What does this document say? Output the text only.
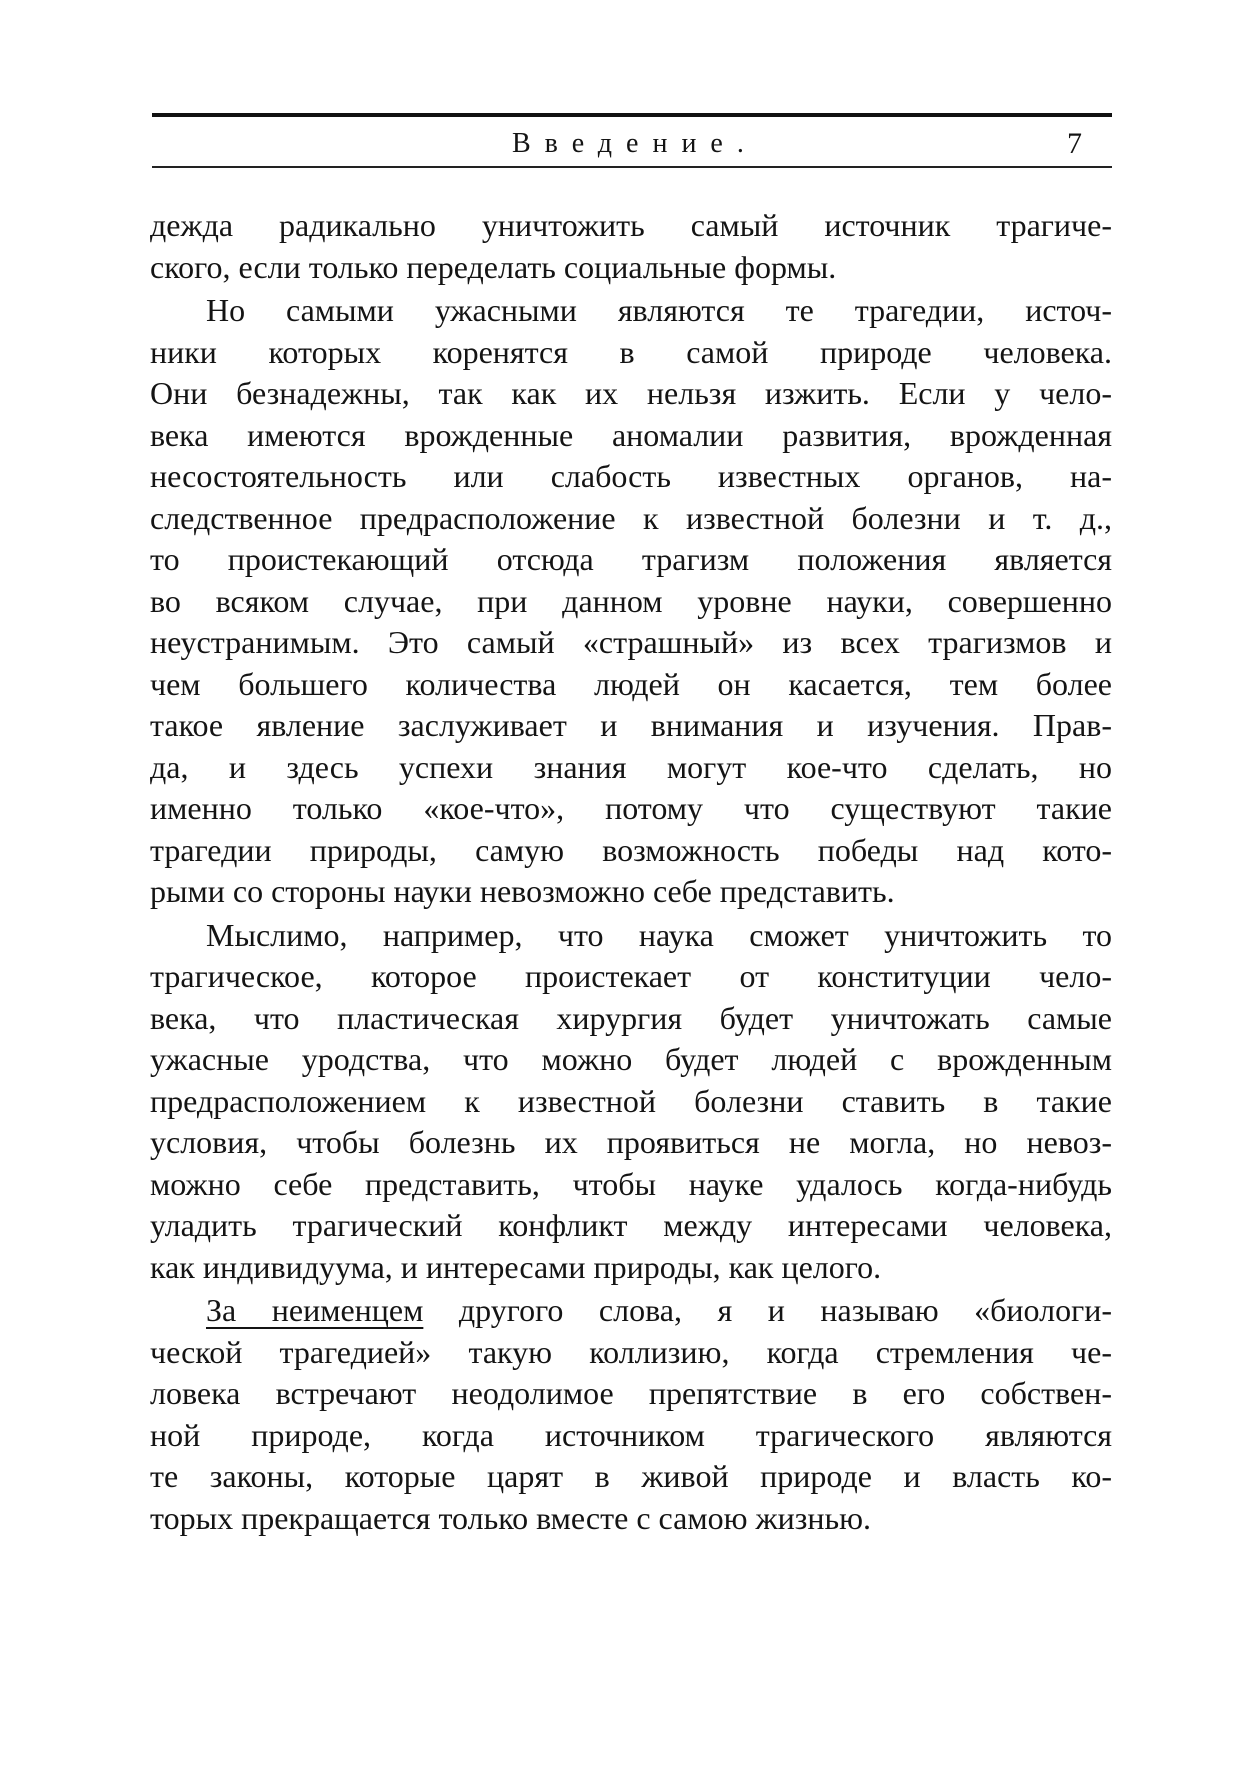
Введение.	7
дежда радикально уничтожить самый источник трагиче-
ского, если только переделать социальные формы.
Но самыми ужасными являются те трагедии, источ-
ники которых коренятся в самой природе человека.
Они безнадежны, так как их нельзя изжить. Если у чело-
века имеются врожденные аномалии развития, врожденная
несостоятельность или слабость известных органов, на-
следственное предрасположение к известной болезни и т. д.,
то проистекающий отсюда трагизм положения является
во всяком случае, при данном уровне науки, совершенно
неустранимым. Это самый «страшный» из всех трагизмов и
чем большего количества людей он касается, тем более
такое явление заслуживает и внимания и изучения. Прав-
да, и здесь успехи знания могут кое-что сделать, но
именно только «кое-что», потому что существуют такие
трагедии природы, самую возможность победы над кото-
рыми со стороны науки невозможно себе представить.
Мыслимо, например, что наука сможет уничтожить то
трагическое, которое проистекает от конституции чело-
века, что пластическая хирургия будет уничтожать самые
ужасные уродства, что можно будет людей с врожденным
предрасположением к известной болезни ставить в такие
условия, чтобы болезнь их проявиться не могла, но невоз-
можно себе представить, чтобы науке удалось когда-нибудь
уладить трагический конфликт между интересами человека,
как индивидуума, и интересами природы, как целого.
За неименцем другого слова, я и называю «биологи-
ческой трагедией» такую коллизию, когда стремления че-
ловека встречают неодолимое препятствие в его собствен-
ной природе, когда источником трагического являются
те законы, которые царят в живой природе и власть ко-
торых прекращается только вместе с самою жизнью.
